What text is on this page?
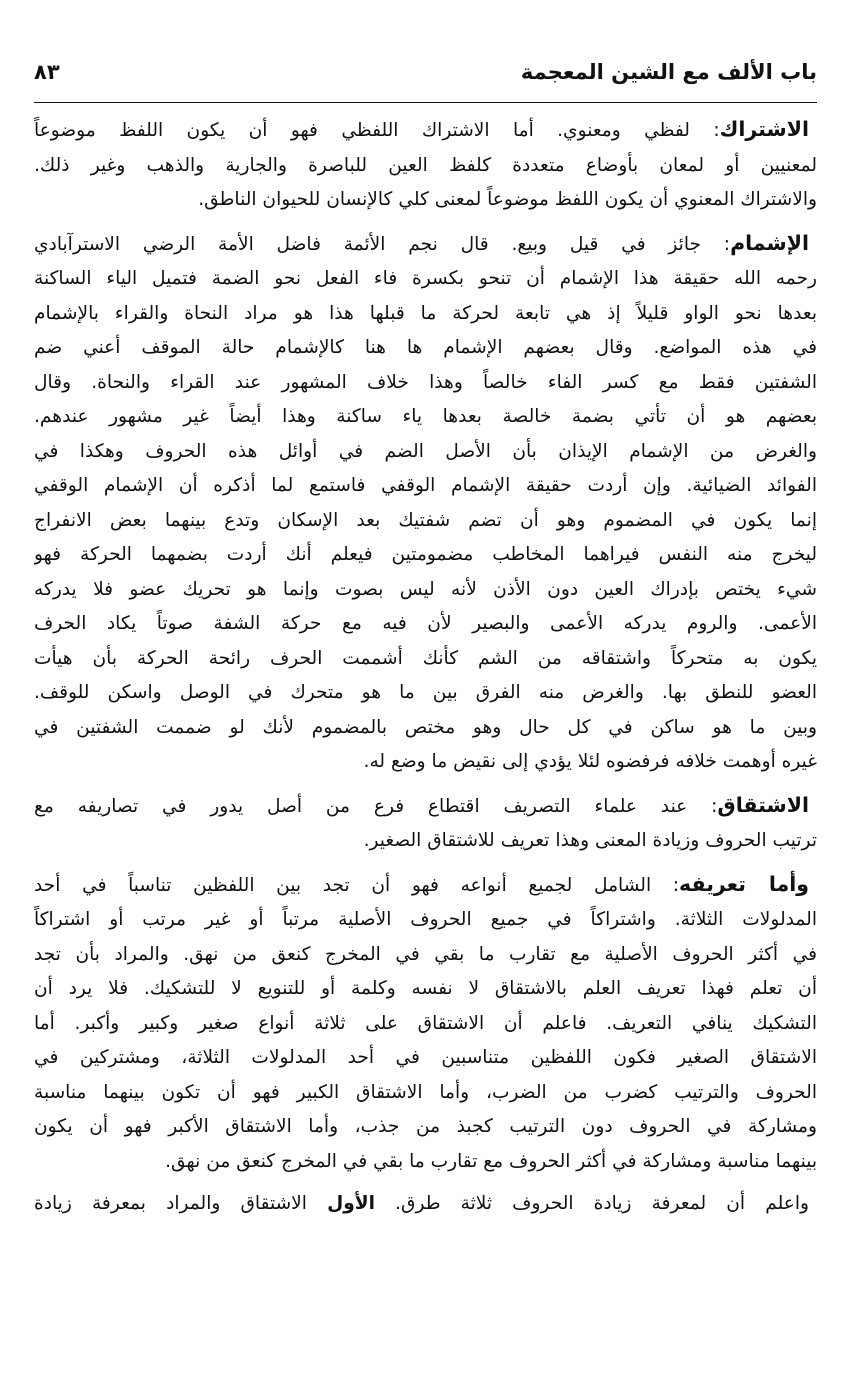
باب الألف مع الشين المعجمة
٨٣
الاشتراك: لفظي ومعنوي. أما الاشتراك اللفظي فهو أن يكون اللفظ موضوعاً
لمعنيين أو لمعان بأوضاع متعددة كلفظ العين للباصرة والجارية والذهب وغير ذلك.
والاشتراك المعنوي أن يكون اللفظ موضوعاً لمعنى كلي كالإنسان للحيوان الناطق.
الإشمام: جائز في قيل وبيع. قال نجم الأئمة فاضل الأمة الرضي الاسترآبادي
رحمه الله حقيقة هذا الإشمام أن تنحو بكسرة فاء الفعل نحو الضمة فتميل الياء الساكنة
بعدها نحو الواو قليلاً إذ هي تابعة لحركة ما قبلها هذا هو مراد النحاة والقراء بالإشمام
في هذه المواضع. وقال بعضهم الإشمام ها هنا كالإشمام حالة الموقف أعني ضم
الشفتين فقط مع كسر الفاء خالصاً وهذا خلاف المشهور عند القراء والنحاة. وقال
بعضهم هو أن تأتي بضمة خالصة بعدها ياء ساكنة وهذا أيضاً غير مشهور عندهم.
والغرض من الإشمام الإيذان بأن الأصل الضم في أوائل هذه الحروف وهكذا في
الفوائد الضيائية. وإن أردت حقيقة الإشمام الوقفي فاستمع لما أذكره أن الإشمام الوقفي
إنما يكون في المضموم وهو أن تضم شفتيك بعد الإسكان وتدع بينهما بعض الانفراج
ليخرج منه النفس فيراهما المخاطب مضمومتين فيعلم أنك أردت بضمهما الحركة فهو
شيء يختص بإدراك العين دون الأذن لأنه ليس بصوت وإنما هو تحريك عضو فلا يدركه
الأعمى. والروم يدركه الأعمى والبصير لأن فيه مع حركة الشفة صوتاً يكاد الحرف
يكون به متحركاً واشتقاقه من الشم كأنك أشممت الحرف رائحة الحركة بأن هيأت
العضو للنطق بها. والغرض منه الفرق بين ما هو متحرك في الوصل واسكن للوقف.
وبين ما هو ساكن في كل حال وهو مختص بالمضموم لأنك لو ضممت الشفتين في
غيره أوهمت خلافه فرفضوه لئلا يؤدي إلى نقيض ما وضع له.
الاشتقاق: عند علماء التصريف اقتطاع فرع من أصل يدور في تصاريفه مع
ترتيب الحروف وزيادة المعنى وهذا تعريف للاشتقاق الصغير.
وأما تعريفه: الشامل لجميع أنواعه فهو أن تجد بين اللفظين تناسباً في أحد
المدلولات الثلاثة. واشتراكاً في جميع الحروف الأصلية مرتباً أو غير مرتب أو اشتراكاً
في أكثر الحروف الأصلية مع تقارب ما بقي في المخرج كنعق من نهق. والمراد بأن تجد
أن تعلم فهذا تعريف العلم بالاشتقاق لا نفسه وكلمة أو للتنويع لا للتشكيك. فلا يرد أن
التشكيك ينافي التعريف. فاعلم أن الاشتقاق على ثلاثة أنواع صغير وكبير وأكبر. أما
الاشتقاق الصغير فكون اللفظين متناسبين في أحد المدلولات الثلاثة، ومشتركين في
الحروف والترتيب كضرب من الضرب، وأما الاشتقاق الكبير فهو أن تكون بينهما مناسبة
ومشاركة في الحروف دون الترتيب كجبذ من جذب، وأما الاشتقاق الأكبر فهو أن يكون
بينهما مناسبة ومشاركة في أكثر الحروف مع تقارب ما بقي في المخرج كنعق من نهق.
واعلم أن لمعرفة زيادة الحروف ثلاثة طرق. الأول الاشتقاق والمراد بمعرفة زيادة
